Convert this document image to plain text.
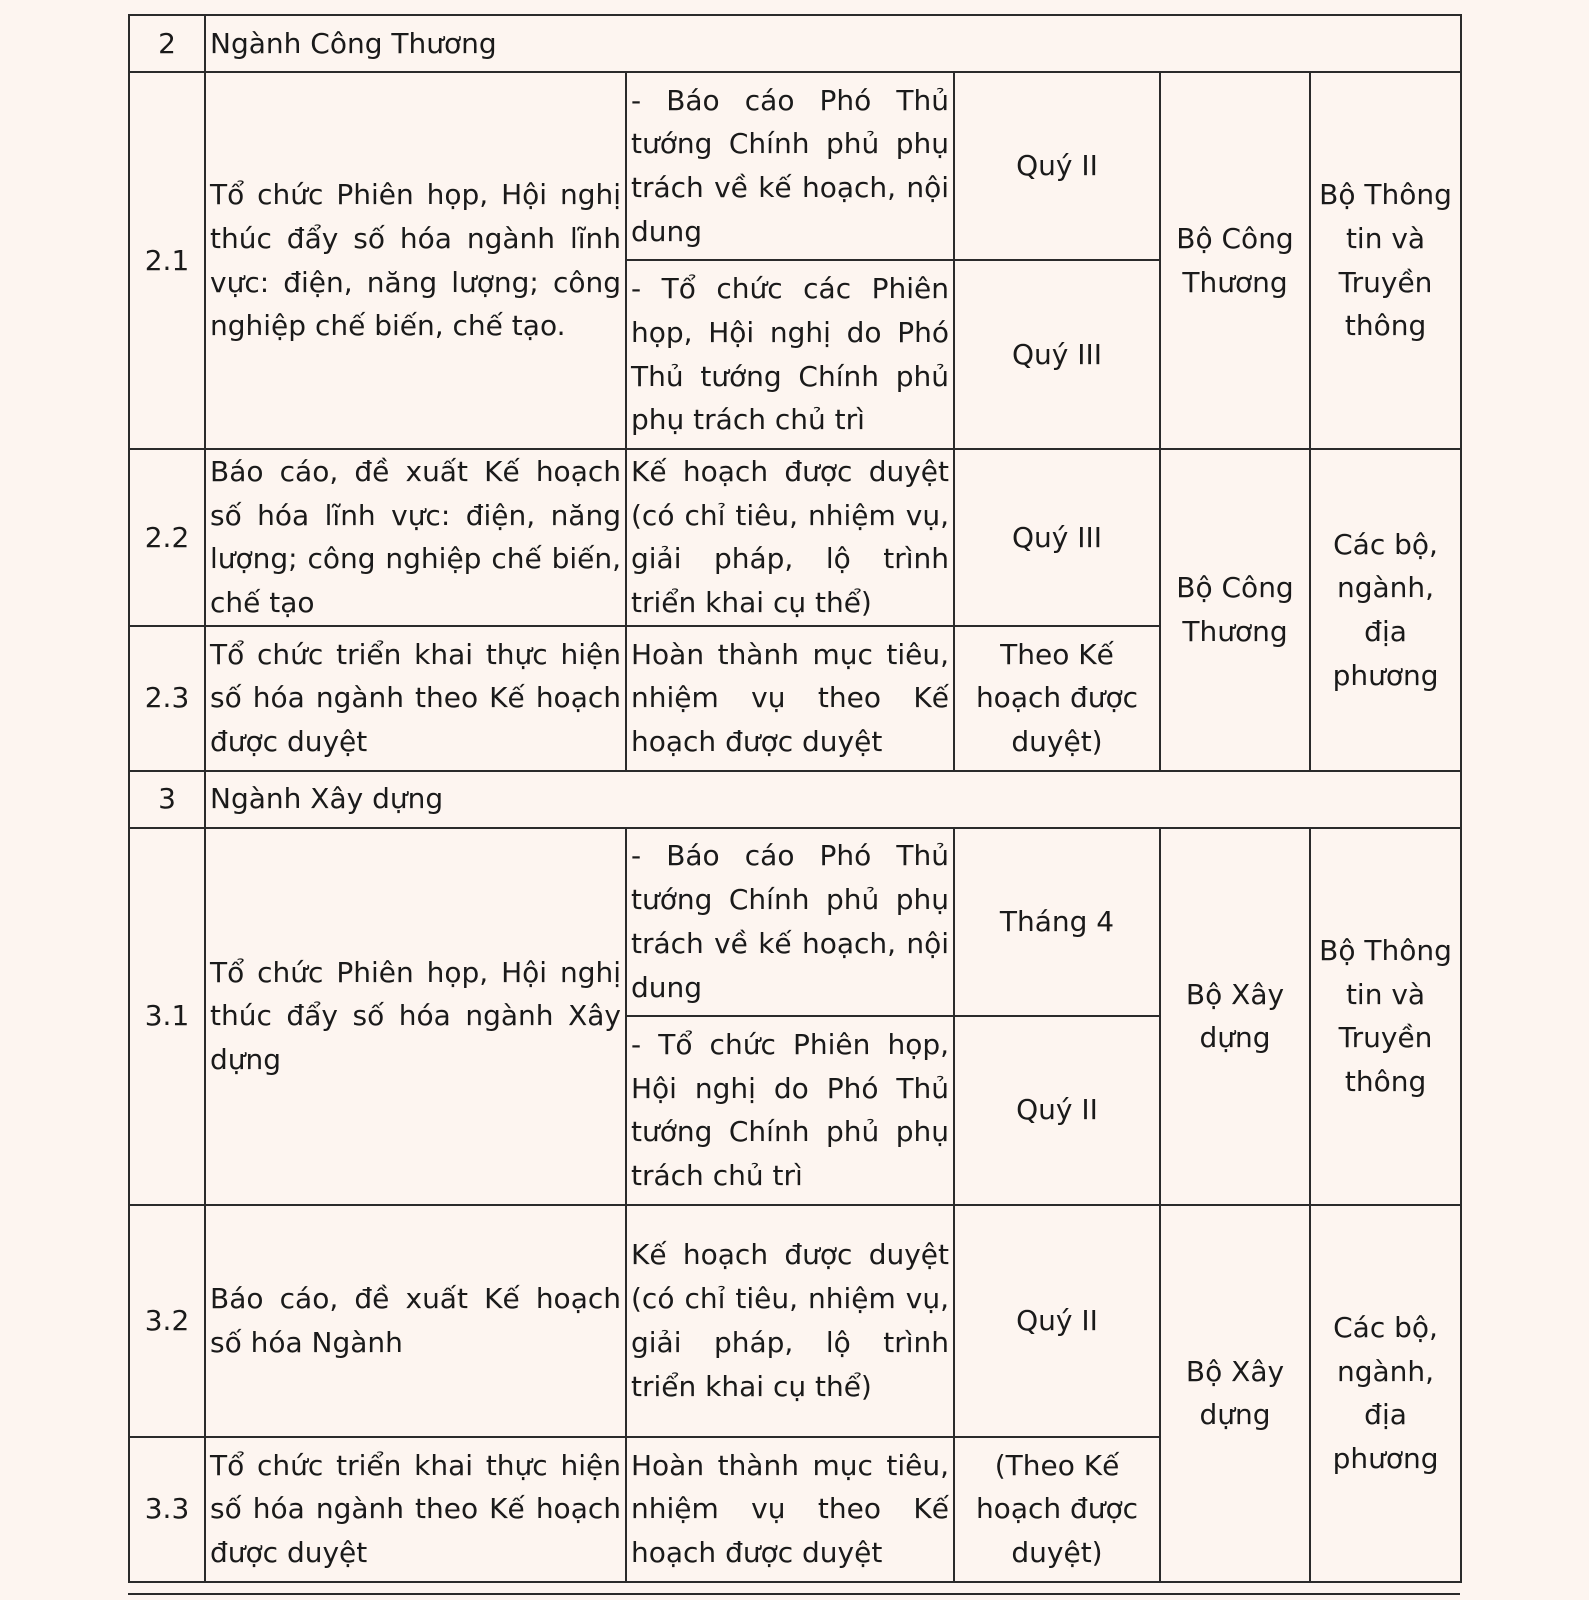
2	Ngành Công Thương				
2.1	Tổ chức Phiên họp, Hội nghị thúc đẩy số hóa ngành lĩnh vực: điện, năng lượng; công nghiệp chế biến, chế tạo.	- Báo cáo Phó Thủ tướng Chính phủ phụ trách về kế hoạch, nội dung	Quý II	Bộ Công Thương	Bộ Thông tin và Truyền thông
		- Tổ chức các Phiên họp, Hội nghị do Phó Thủ tướng Chính phủ phụ trách chủ trì	Quý III		
2.2	Báo cáo, đề xuất Kế hoạch số hóa lĩnh vực: điện, năng lượng; công nghiệp chế biến, chế tạo	Kế hoạch được duyệt (có chỉ tiêu, nhiệm vụ, giải pháp, lộ trình triển khai cụ thể)	Quý III	Bộ Công Thương	Các bộ, ngành, địa phương
2.3	Tổ chức triển khai thực hiện số hóa ngành theo Kế hoạch được duyệt	Hoàn thành mục tiêu, nhiệm vụ theo Kế hoạch được duyệt	Theo Kế hoạch được duyệt)		
3	Ngành Xây dựng				
3.1	Tổ chức Phiên họp, Hội nghị thúc đẩy số hóa ngành Xây dựng	- Báo cáo Phó Thủ tướng Chính phủ phụ trách về kế hoạch, nội dung	Tháng 4	Bộ Xây dựng	Bộ Thông tin và Truyền thông
		- Tổ chức Phiên họp, Hội nghị do Phó Thủ tướng Chính phủ phụ trách chủ trì	Quý II		
3.2	Báo cáo, đề xuất Kế hoạch số hóa Ngành	Kế hoạch được duyệt (có chỉ tiêu, nhiệm vụ, giải pháp, lộ trình triển khai cụ thể)	Quý II	Bộ Xây dựng	Các bộ, ngành, địa phương
3.3	Tổ chức triển khai thực hiện số hóa ngành theo Kế hoạch được duyệt	Hoàn thành mục tiêu, nhiệm vụ theo Kế hoạch được duyệt	(Theo Kế hoạch được duyệt)		
